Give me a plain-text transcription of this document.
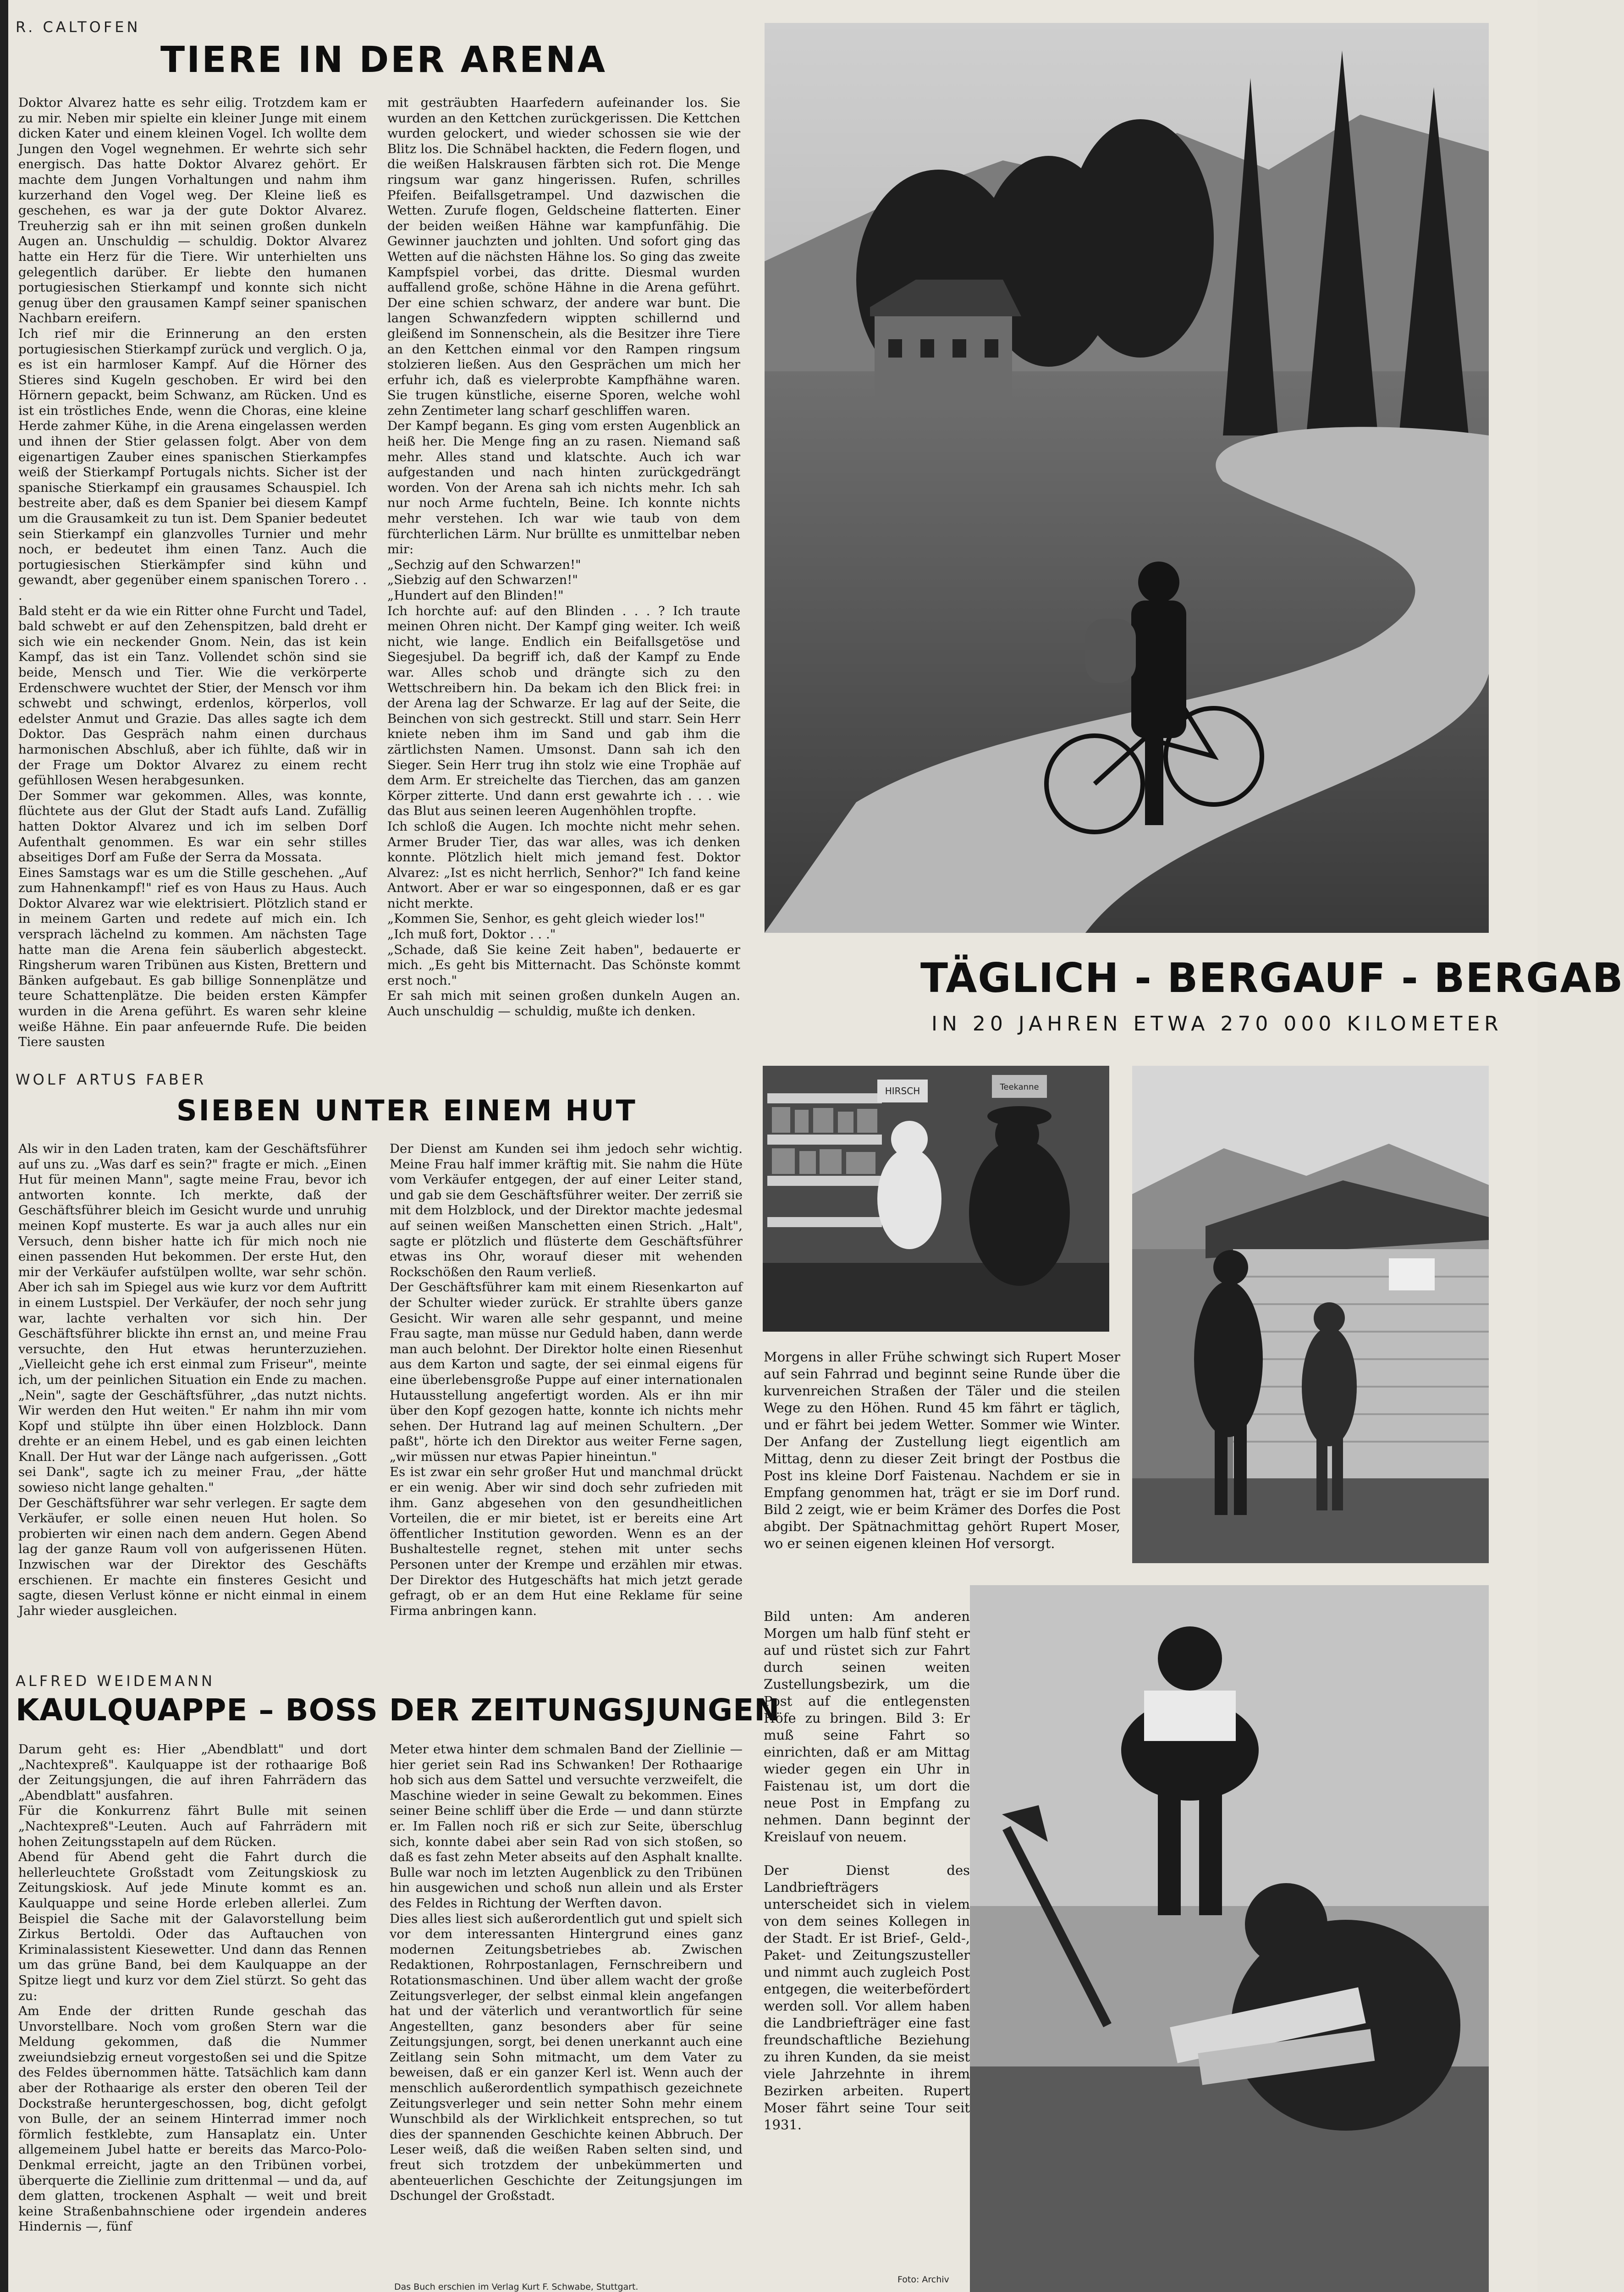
R. CALTOFEN
TIERE IN DER ARENA

Doktor Alvarez hatte es sehr eilig. Trotzdem kam er zu mir. Neben mir spielte ein kleiner Junge mit einem dicken Kater und einem kleinen Vogel. Ich wollte dem Jungen den Vogel wegnehmen. Er wehrte sich sehr energisch. Das hatte Doktor Alvarez gehört. Er machte dem Jungen Vorhaltungen und nahm ihm kurzerhand den Vogel weg. Der Kleine ließ es geschehen, es war ja der gute Doktor Alvarez. Treuherzig sah er ihn mit seinen großen dunkeln Augen an. Unschuldig — schuldig. Doktor Alvarez hatte ein Herz für die Tiere. Wir unterhielten uns gelegentlich darüber. Er liebte den humanen portugiesischen Stierkampf und konnte sich nicht genug über den grausamen Kampf seiner spanischen Nachbarn ereifern.

Ich rief mir die Erinnerung an den ersten portugiesischen Stierkampf zurück und verglich. O ja, es ist ein harmloser Kampf. Auf die Hörner des Stieres sind Kugeln geschoben. Er wird bei den Hörnern gepackt, beim Schwanz, am Rücken. Und es ist ein tröstliches Ende, wenn die Choras, eine kleine Herde zahmer Kühe, in die Arena eingelassen werden und ihnen der Stier gelassen folgt. Aber von dem eigenartigen Zauber eines spanischen Stierkampfes weiß der Stierkampf Portugals nichts. Sicher ist der spanische Stierkampf ein grausames Schauspiel. Ich bestreite aber, daß es dem Spanier bei diesem Kampf um die Grausamkeit zu tun ist. Dem Spanier bedeutet sein Stierkampf ein glanzvolles Turnier und mehr noch, er bedeutet ihm einen Tanz. Auch die portugiesischen Stierkämpfer sind kühn und gewandt, aber gegenüber einem spanischen Torero . . .

Bald steht er da wie ein Ritter ohne Furcht und Tadel, bald schwebt er auf den Zehenspitzen, bald dreht er sich wie ein neckender Gnom. Nein, das ist kein Kampf, das ist ein Tanz. Vollendet schön sind sie beide, Mensch und Tier. Wie die verkörperte Erdenschwere wuchtet der Stier, der Mensch vor ihm schwebt und schwingt, erdenlos, körperlos, voll edelster Anmut und Grazie. Das alles sagte ich dem Doktor. Das Gespräch nahm einen durchaus harmonischen Abschluß, aber ich fühlte, daß wir in der Frage um Doktor Alvarez zu einem recht gefühllosen Wesen herabgesunken.

Der Sommer war gekommen. Alles, was konnte, flüchtete aus der Glut der Stadt aufs Land. Zufällig hatten Doktor Alvarez und ich im selben Dorf Aufenthalt genommen. Es war ein sehr stilles abseitiges Dorf am Fuße der Serra da Mossata.

Eines Samstags war es um die Stille geschehen. „Auf zum Hahnenkampf!" rief es von Haus zu Haus. Auch Doktor Alvarez war wie elektrisiert. Plötzlich stand er in meinem Garten und redete auf mich ein. Ich versprach lächelnd zu kommen. Am nächsten Tage hatte man die Arena fein säuberlich abgesteckt. Ringsherum waren Tribünen aus Kisten, Brettern und Bänken aufgebaut. Es gab billige Sonnenplätze und teure Schattenplätze. Die beiden ersten Kämpfer wurden in die Arena geführt. Es waren sehr kleine weiße Hähne. Ein paar anfeuernde Rufe. Die beiden Tiere sausten

mit gesträubten Haarfedern aufeinander los. Sie wurden an den Kettchen zurückgerissen. Die Kettchen wurden gelockert, und wieder schossen sie wie der Blitz los. Die Schnäbel hackten, die Federn flogen, und die weißen Halskrausen färbten sich rot. Die Menge ringsum war ganz hingerissen. Rufen, schrilles Pfeifen. Beifallsgetrampel. Und dazwischen die Wetten. Zurufe flogen, Geldscheine flatterten. Einer der beiden weißen Hähne war kampfunfähig. Die Gewinner jauchzten und johlten. Und sofort ging das Wetten auf die nächsten Hähne los. So ging das zweite Kampfspiel vorbei, das dritte. Diesmal wurden auffallend große, schöne Hähne in die Arena geführt. Der eine schien schwarz, der andere war bunt. Die langen Schwanzfedern wippten schillernd und gleißend im Sonnenschein, als die Besitzer ihre Tiere an den Kettchen einmal vor den Rampen ringsum stolzieren ließen. Aus den Gesprächen um mich her erfuhr ich, daß es vielerprobte Kampfhähne waren. Sie trugen künstliche, eiserne Sporen, welche wohl zehn Zentimeter lang scharf geschliffen waren.

Der Kampf begann. Es ging vom ersten Augenblick an heiß her. Die Menge fing an zu rasen. Niemand saß mehr. Alles stand und klatschte. Auch ich war aufgestanden und nach hinten zurückgedrängt worden. Von der Arena sah ich nichts mehr. Ich sah nur noch Arme fuchteln, Beine. Ich konnte nichts mehr verstehen. Ich war wie taub von dem fürchterlichen Lärm. Nur brüllte es unmittelbar neben mir:

„Sechzig auf den Schwarzen!"

„Siebzig auf den Schwarzen!"

„Hundert auf den Blinden!"

Ich horchte auf: auf den Blinden . . . ? Ich traute meinen Ohren nicht. Der Kampf ging weiter. Ich weiß nicht, wie lange. Endlich ein Beifallsgetöse und Siegesjubel. Da begriff ich, daß der Kampf zu Ende war. Alles schob und drängte sich zu den Wettschreibern hin. Da bekam ich den Blick frei: in der Arena lag der Schwarze. Er lag auf der Seite, die Beinchen von sich gestreckt. Still und starr. Sein Herr kniete neben ihm im Sand und gab ihm die zärtlichsten Namen. Umsonst. Dann sah ich den Sieger. Sein Herr trug ihn stolz wie eine Trophäe auf dem Arm. Er streichelte das Tierchen, das am ganzen Körper zitterte. Und dann erst gewahrte ich . . . wie das Blut aus seinen leeren Augenhöhlen tropfte.

Ich schloß die Augen. Ich mochte nicht mehr sehen. Armer Bruder Tier, das war alles, was ich denken konnte. Plötzlich hielt mich jemand fest. Doktor Alvarez: „Ist es nicht herrlich, Senhor?" Ich fand keine Antwort. Aber er war so eingesponnen, daß er es gar nicht merkte.

„Kommen Sie, Senhor, es geht gleich wieder los!"

„Ich muß fort, Doktor . . ."

„Schade, daß Sie keine Zeit haben", bedauerte er mich. „Es geht bis Mitternacht. Das Schönste kommt erst noch."

Er sah mich mit seinen großen dunkeln Augen an. Auch unschuldig — schuldig, mußte ich denken.

WOLF ARTUS FABER
SIEBEN UNTER EINEM HUT

Als wir in den Laden traten, kam der Geschäftsführer auf uns zu. „Was darf es sein?" fragte er mich. „Einen Hut für meinen Mann", sagte meine Frau, bevor ich antworten konnte. Ich merkte, daß der Geschäftsführer bleich im Gesicht wurde und unruhig meinen Kopf musterte. Es war ja auch alles nur ein Versuch, denn bisher hatte ich für mich noch nie einen passenden Hut bekommen. Der erste Hut, den mir der Verkäufer aufstülpen wollte, war sehr schön. Aber ich sah im Spiegel aus wie kurz vor dem Auftritt in einem Lustspiel. Der Verkäufer, der noch sehr jung war, lachte verhalten vor sich hin. Der Geschäftsführer blickte ihn ernst an, und meine Frau versuchte, den Hut etwas herunterzuziehen. „Vielleicht gehe ich erst einmal zum Friseur", meinte ich, um der peinlichen Situation ein Ende zu machen. „Nein", sagte der Geschäftsführer, „das nutzt nichts. Wir werden den Hut weiten." Er nahm ihn mir vom Kopf und stülpte ihn über einen Holzblock. Dann drehte er an einem Hebel, und es gab einen leichten Knall. Der Hut war der Länge nach aufgerissen. „Gott sei Dank", sagte ich zu meiner Frau, „der hätte sowieso nicht lange gehalten."

Der Geschäftsführer war sehr verlegen. Er sagte dem Verkäufer, er solle einen neuen Hut holen. So probierten wir einen nach dem andern. Gegen Abend lag der ganze Raum voll von aufgerissenen Hüten. Inzwischen war der Direktor des Geschäfts erschienen. Er machte ein finsteres Gesicht und sagte, diesen Verlust könne er nicht einmal in einem Jahr wieder ausgleichen.

Der Dienst am Kunden sei ihm jedoch sehr wichtig. Meine Frau half immer kräftig mit. Sie nahm die Hüte vom Verkäufer entgegen, der auf einer Leiter stand, und gab sie dem Geschäftsführer weiter. Der zerriß sie mit dem Holzblock, und der Direktor machte jedesmal auf seinen weißen Manschetten einen Strich. „Halt", sagte er plötzlich und flüsterte dem Geschäftsführer etwas ins Ohr, worauf dieser mit wehenden Rockschößen den Raum verließ.

Der Geschäftsführer kam mit einem Riesenkarton auf der Schulter wieder zurück. Er strahlte übers ganze Gesicht. Wir waren alle sehr gespannt, und meine Frau sagte, man müsse nur Geduld haben, dann werde man auch belohnt. Der Direktor holte einen Riesenhut aus dem Karton und sagte, der sei einmal eigens für eine überlebensgroße Puppe auf einer internationalen Hutausstellung angefertigt worden. Als er ihn mir über den Kopf gezogen hatte, konnte ich nichts mehr sehen. Der Hutrand lag auf meinen Schultern. „Der paßt", hörte ich den Direktor aus weiter Ferne sagen, „wir müssen nur etwas Papier hineintun."

Es ist zwar ein sehr großer Hut und manchmal drückt er ein wenig. Aber wir sind doch sehr zufrieden mit ihm. Ganz abgesehen von den gesundheitlichen Vorteilen, die er mir bietet, ist er bereits eine Art öffentlicher Institution geworden. Wenn es an der Bushaltestelle regnet, stehen mit unter sechs Personen unter der Krempe und erzählen mir etwas. Der Direktor des Hutgeschäfts hat mich jetzt gerade gefragt, ob er an dem Hut eine Reklame für seine Firma anbringen kann.

ALFRED WEIDEMANN
KAULQUAPPE – BOSS DER ZEITUNGSJUNGEN

Darum geht es: Hier „Abendblatt" und dort „Nachtexpreß". Kaulquappe ist der rothaarige Boß der Zeitungsjungen, die auf ihren Fahrrädern das „Abendblatt" ausfahren.

Für die Konkurrenz fährt Bulle mit seinen „Nachtexpreß"-Leuten. Auch auf Fahrrädern mit hohen Zeitungsstapeln auf dem Rücken.

Abend für Abend geht die Fahrt durch die hellerleuchtete Großstadt vom Zeitungskiosk zu Zeitungskiosk. Auf jede Minute kommt es an. Kaulquappe und seine Horde erleben allerlei. Zum Beispiel die Sache mit der Galavorstellung beim Zirkus Bertoldi. Oder das Auftauchen von Kriminalassistent Kiesewetter. Und dann das Rennen um das grüne Band, bei dem Kaulquappe an der Spitze liegt und kurz vor dem Ziel stürzt. So geht das zu:

Am Ende der dritten Runde geschah das Unvorstellbare. Noch vom großen Stern war die Meldung gekommen, daß die Nummer zweiundsiebzig erneut vorgestoßen sei und die Spitze des Feldes übernommen hätte. Tatsächlich kam dann aber der Rothaarige als erster den oberen Teil der Dockstraße heruntergeschossen, bog, dicht gefolgt von Bulle, der an seinem Hinterrad immer noch förmlich festklebte, zum Hansaplatz ein. Unter allgemeinem Jubel hatte er bereits das Marco-Polo-Denkmal erreicht, jagte an den Tribünen vorbei, überquerte die Ziellinie zum drittenmal — und da, auf dem glatten, trockenen Asphalt — weit und breit keine Straßenbahnschiene oder irgendein anderes Hindernis —, fünf

Meter etwa hinter dem schmalen Band der Ziellinie — hier geriet sein Rad ins Schwanken! Der Rothaarige hob sich aus dem Sattel und versuchte verzweifelt, die Maschine wieder in seine Gewalt zu bekommen. Eines seiner Beine schliff über die Erde — und dann stürzte er. Im Fallen noch riß er sich zur Seite, überschlug sich, konnte dabei aber sein Rad von sich stoßen, so daß es fast zehn Meter abseits auf den Asphalt knallte. Bulle war noch im letzten Augenblick zu den Tribünen hin ausgewichen und schoß nun allein und als Erster des Feldes in Richtung der Werften davon.

Dies alles liest sich außerordentlich gut und spielt sich vor dem interessanten Hintergrund eines ganz modernen Zeitungsbetriebes ab. Zwischen Redaktionen, Rohrpostanlagen, Fernschreibern und Rotationsmaschinen. Und über allem wacht der große Zeitungsverleger, der selbst einmal klein angefangen hat und der väterlich und verantwortlich für seine Angestellten, ganz besonders aber für seine Zeitungsjungen, sorgt, bei denen unerkannt auch eine Zeitlang sein Sohn mitmacht, um dem Vater zu beweisen, daß er ein ganzer Kerl ist. Wenn auch der menschlich außerordentlich sympathisch gezeichnete Zeitungsverleger und sein netter Sohn mehr einem Wunschbild als der Wirklichkeit entsprechen, so tut dies der spannenden Geschichte keinen Abbruch. Der Leser weiß, daß die weißen Raben selten sind, und freut sich trotzdem der unbekümmerten und abenteuerlichen Geschichte der Zeitungsjungen im Dschungel der Großstadt.

Das Buch erschien im Verlag Kurt F. Schwabe, Stuttgart.
TÄGLICH - BERGAUF - BERGAB
IN 20 JAHREN ETWA 270 000 KILOMETER
HIRSCH	Teekanne
Morgens in aller Frühe schwingt sich Rupert Moser auf sein Fahrrad und beginnt seine Runde über die kurvenreichen Straßen der Täler und die steilen Wege zu den Höhen. Rund 45 km fährt er täglich, und er fährt bei jedem Wetter. Sommer wie Winter. Der Anfang der Zustellung liegt eigentlich am Mittag, denn zu dieser Zeit bringt der Postbus die Post ins kleine Dorf Faistenau. Nachdem er sie in Empfang genommen hat, trägt er sie im Dorf rund. Bild 2 zeigt, wie er beim Krämer des Dorfes die Post abgibt. Der Spätnachmittag gehört Rupert Moser, wo er seinen eigenen kleinen Hof versorgt.

Bild unten: Am anderen Morgen um halb fünf steht er auf und rüstet sich zur Fahrt durch seinen weiten Zustellungsbezirk, um die Post auf die entlegensten Höfe zu bringen. Bild 3: Er muß seine Fahrt so einrichten, daß er am Mittag wieder gegen ein Uhr in Faistenau ist, um dort die neue Post in Empfang zu nehmen. Dann beginnt der Kreislauf von neuem.

Der Dienst des Landbriefträgers unterscheidet sich in vielem von dem seines Kollegen in der Stadt. Er ist Brief-, Geld-, Paket- und Zeitungszusteller und nimmt auch zugleich Post entgegen, die weiterbefördert werden soll. Vor allem haben die Landbriefträger eine fast freundschaftliche Beziehung zu ihren Kunden, da sie meist viele Jahrzehnte in ihrem Bezirken arbeiten. Rupert Moser fährt seine Tour seit 1931.

Foto: Archiv
